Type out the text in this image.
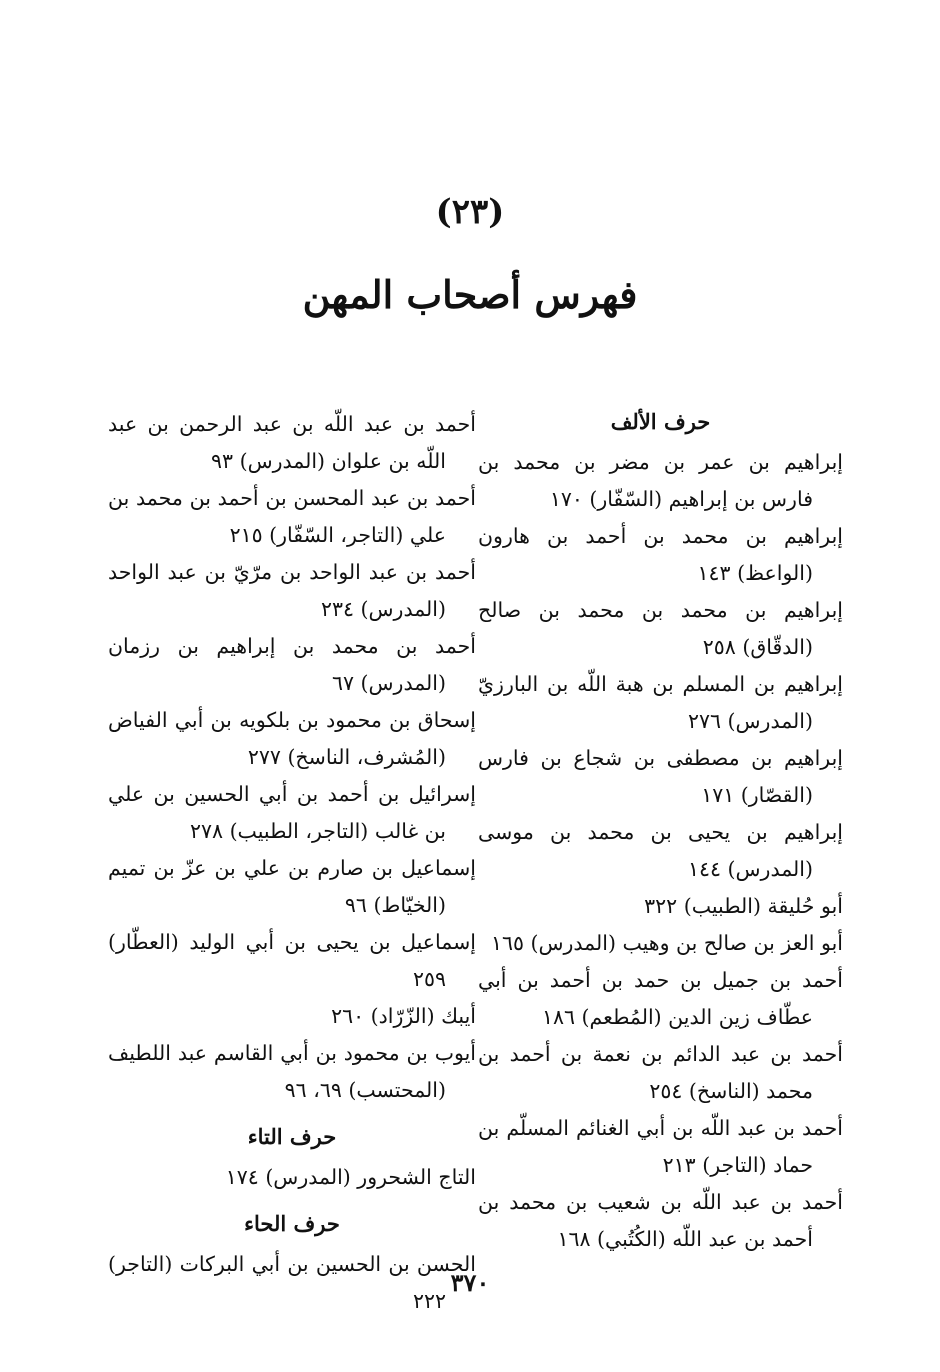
(٢٣)
فهرس أصحاب المهن
حرف الألف

إبراهيم بن عمر بن مضر بن محمد بن فارس بن إبراهيم (السّفّار) ١٧٠

إبراهيم بن محمد بن أحمد بن هارون (الواعظ) ١٤٣

إبراهيم بن محمد بن محمد بن صالح (الدقّاق) ٢٥٨

إبراهيم بن المسلم بن هبة اللّه بن البارزيّ (المدرس) ٢٧٦

إبراهيم بن مصطفى بن شجاع بن فارس (القصّار) ١٧١

إبراهيم بن يحيى بن محمد بن موسى (المدرس) ١٤٤

أبو حُليقة (الطبيب) ٣٢٢

أبو العز بن صالح بن وهيب (المدرس) ١٦٥

أحمد بن جميل بن حمد بن أحمد بن أبي عطّاف زين الدين (المُطعم) ١٨٦

أحمد بن عبد الدائم بن نعمة بن أحمد بن محمد (الناسخ) ٢٥٤

أحمد بن عبد اللّه بن أبي الغنائم المسلّم بن حماد (التاجر) ٢١٣

أحمد بن عبد اللّه بن شعيب بن محمد بن أحمد بن عبد اللّه (الكُتُبي) ١٦٨

أحمد بن عبد اللّه بن عبد الرحمن بن عبد اللّه بن علوان (المدرس) ٩٣

أحمد بن عبد المحسن بن أحمد بن محمد بن علي (التاجر، السّفّار) ٢١٥

أحمد بن عبد الواحد بن مرّيّ بن عبد الواحد (المدرس) ٢٣٤

أحمد بن محمد بن إبراهيم بن رزمان (المدرس) ٦٧

إسحاق بن محمود بن بلكويه بن أبي الفياض (المُشرف، الناسخ) ٢٧٧

إسرائيل بن أحمد بن أبي الحسين بن علي بن غالب (التاجر، الطبيب) ٢٧٨

إسماعيل بن صارم بن علي بن عزّ بن تميم (الخيّاط) ٩٦

إسماعيل بن يحيى بن أبي الوليد (العطّار) ٢٥٩

أيبك (الزّرّاد) ٢٦٠

أيوب بن محمود بن أبي القاسم عبد اللطيف (المحتسب) ٦٩، ٩٦

حرف التاء

التاج الشحرور (المدرس) ١٧٤

حرف الحاء

الحسن بن الحسين بن أبي البركات (التاجر) ٢٢٢

٣٧٠
